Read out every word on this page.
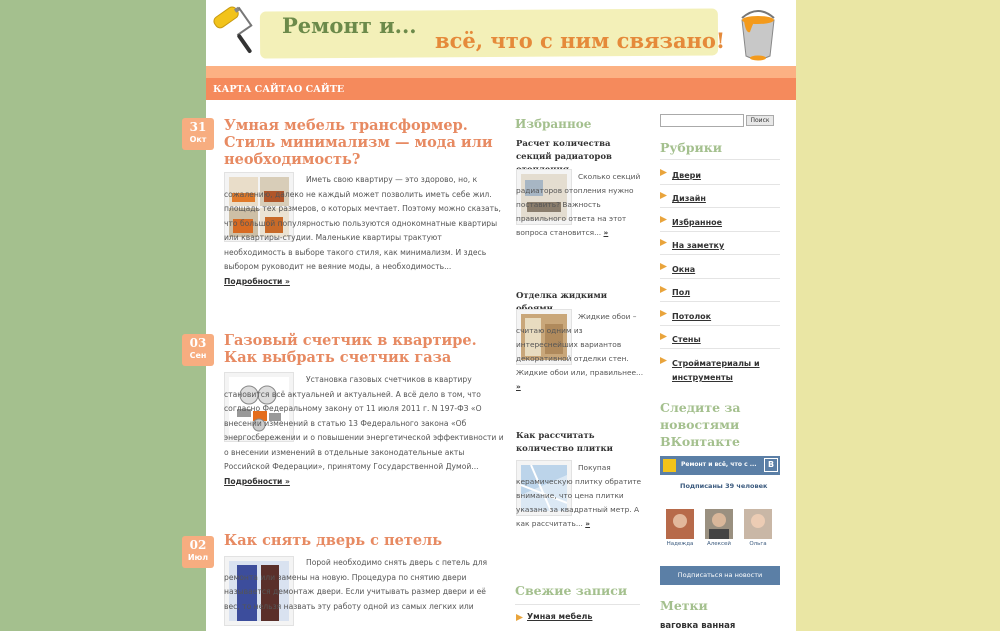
Ремонт и...
всё, что с ним связано!
КАРТА САЙТА О САЙТЕ
31
Окт
Умная мебель трансформер. Стиль минимализм — мода или необходимость?
Иметь свою квартиру — это здорово, но, к сожалению, далеко не каждый может позволить иметь себе жил. площадь тех размеров, о которых мечтает. Поэтому можно сказать, что большой популярностью пользуются однокомнатные квартиры или квартиры-студии. Маленькие квартиры трактуют необходимость в выборе такого стиля, как минимализм. И здесь выбором руководит не веяние моды, а необходимость... Подробности »
03
Сен
Газовый счетчик в квартире. Как выбрать счетчик газа
Установка газовых счетчиков в квартиру становится всё актуальней и актуальней. А всё дело в том, что согласно Федеральному закону от 11 июля 2011 г. N 197-ФЗ «О внесении изменений в статью 13 Федерального закона «Об энергосбережении и о повышении энергетической эффективности и о внесении изменений в отдельные законодательные акты Российской Федерации», принятому Государственной Думой... Подробности »
02
Июл
Как снять дверь с петель
Порой необходимо снять дверь с петель для ремонта или замены на новую. Процедура по снятию двери называется демонтаж двери. Если учитывать размер двери и её вес, то нельзя назвать эту работу одной из самых легких или
Избранное
Расчет количества секций радиаторов
Сколько секций радиаторов отопления нужно поставить? Важность правильного ответа на этот вопроса становится... »
Отделка жидкими
Жидкие обои – считаю одним из интереснейших вариантов декоративной отделки стен. Жидкие обои или, правильнее... »
Как рассчитать количество плитки
Покупая керамическую плитку обратите внимание, что цена плитки указана за квадратный метр. А как рассчитать... »
Свежие записи
Умная мебель
Поиск
Рубрики
Двери
Дизайн
Избранное
На заметку
Окна
Пол
Потолок
Стены
Стройматериалы и инструменты
Следите за новостями ВКонтакте
Ремонт и всё, что с ...	B
Подписаны 39 человек
Надежда	Алексей	Ольга
Подписаться на новости
Метки
ваговка ванная
